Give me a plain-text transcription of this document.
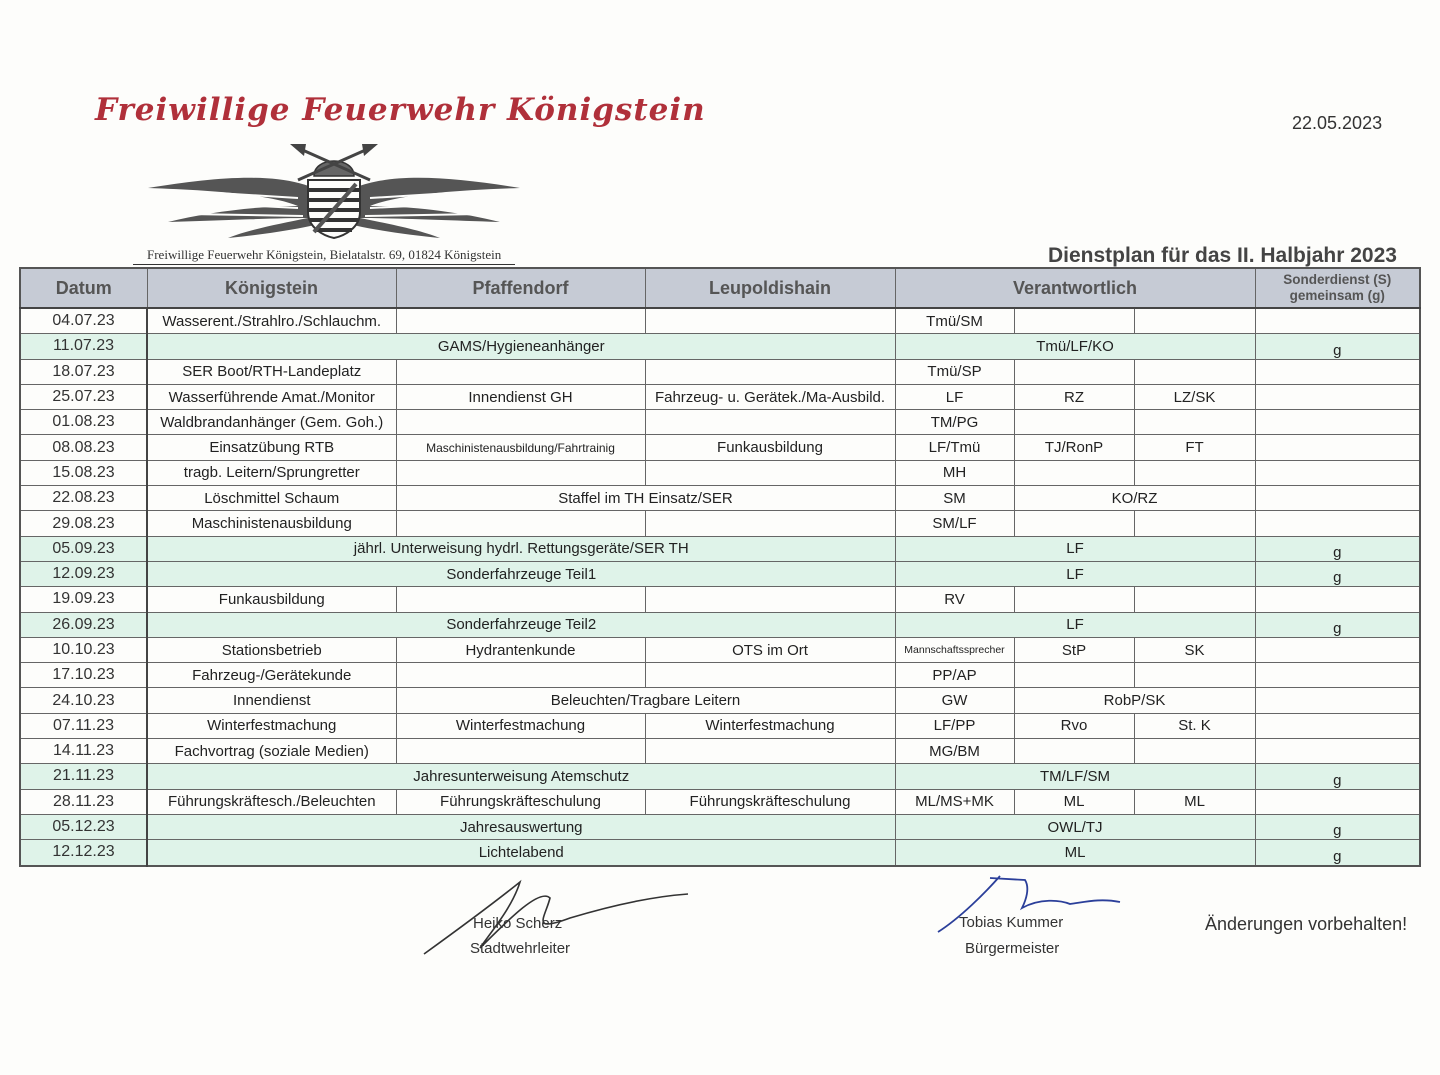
Freiwillige Feuerwehr Königstein
Freiwillige Feuerwehr Königstein, Bielatalstr. 69, 01824 Königstein
22.05.2023
Dienstplan für das II. Halbjahr 2023
Datum	Königstein	Pfaffendorf	Leupoldishain	Verantwortlich			Sonderdienst (S)
gemeinsam (g)

04.07.23	Wasserent./Strahlro./Schlauchm.			Tmü/SM			
11.07.23	GAMS/Hygieneanhänger			Tmü/LF/KO			g
18.07.23	SER Boot/RTH-Landeplatz			Tmü/SP			
25.07.23	Wasserführende Amat./Monitor	Innendienst GH	Fahrzeug- u. Gerätek./Ma-Ausbild.	LF	RZ	LZ/SK	
01.08.23	Waldbrandanhänger (Gem. Goh.)			TM/PG			
08.08.23	Einsatzübung RTB	Maschinistenausbildung/Fahrtrainig	Funkausbildung	LF/Tmü	TJ/RonP	FT	
15.08.23	tragb. Leitern/Sprungretter			MH			
22.08.23	Löschmittel Schaum	Staffel im TH Einsatz/SER		SM	KO/RZ		
29.08.23	Maschinistenausbildung			SM/LF			
05.09.23	jährl. Unterweisung hydrl. Rettungsgeräte/SER TH			LF			g
12.09.23	Sonderfahrzeuge Teil1			LF			g
19.09.23	Funkausbildung			RV			
26.09.23	Sonderfahrzeuge Teil2			LF			g
10.10.23	Stationsbetrieb	Hydrantenkunde	OTS im Ort	Mannschaftssprecher	StP	SK	
17.10.23	Fahrzeug-/Gerätekunde			PP/AP			
24.10.23	Innendienst	Beleuchten/Tragbare Leitern		GW	RobP/SK		
07.11.23	Winterfestmachung	Winterfestmachung	Winterfestmachung	LF/PP	Rvo	St. K	
14.11.23	Fachvortrag (soziale Medien)			MG/BM			
21.11.23	Jahresunterweisung Atemschutz			TM/LF/SM			g
28.11.23	Führungskräftesch./Beleuchten	Führungskräfteschulung	Führungskräfteschulung	ML/MS+MK	ML	ML	
05.12.23	Jahresauswertung			OWL/TJ			g
12.12.23	Lichtelabend			ML			g
Heiko Scherz
Stadtwehrleiter
Tobias Kummer
Bürgermeister
Änderungen vorbehalten!
